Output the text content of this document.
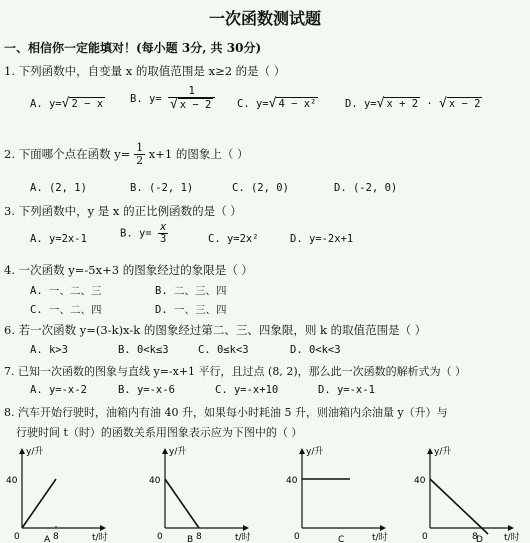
一次函数测试题
一、相信你一定能填对！(每小题 3分, 共 30分)
1. 下列函数中，自变量 x 的取值范围是 x≥2 的是（ ）
A. y=√ 2 − x	B. $y= \frac{1}{√ x - 2} C$. y=√ 4 − x²	D. y=√ x + 2 · √ x − 2
2. 下面哪个点在函数 $y= \frac{1}{2} x+1$ 的图象上（ ）
A. (2, 1)	B. (-2, 1)	C. (2, 0)	D. (-2, 0)
3. 下列函数中，y 是 x 的正比例函数的是（ ）
A. y=2x-1	B. $y= \frac{x}{3}$	C. y=2x²	D. y=-2x+1
4. 一次函数 y=-5x+3 的图象经过的象限是（ ）
A. 一、二、三	B. 二、三、四
C. 一、二、四	D. 一、三、四
6. 若一次函数 y=(3-k)x-k 的图象经过第二、三、四象限，则 k 的取值范围是（ ）
A. k>3	B. 0<k≤3	C. 0≤k<3	D. 0<k<3
7. 已知一次函数的图象与直线 y=-x+1 平行，且过点 (8, 2)，那么此一次函数的解析式为（ ）
A. y=-x-2	B. y=-x-6	C. y=-x+10	D. y=-x-1
8. 汽车开始行驶时，油箱内有油 40 升，如果每小时耗油 5 升，则油箱内余油量 y（升）与
行驶时间 t（时）的函数关系用图象表示应为下图中的（ ）
y/升
40
0	8	t/时
A
y/升
40
0	8	t/时
B
y/升
40
0	t/时
C
y/升
40
0	8	t/时
D
